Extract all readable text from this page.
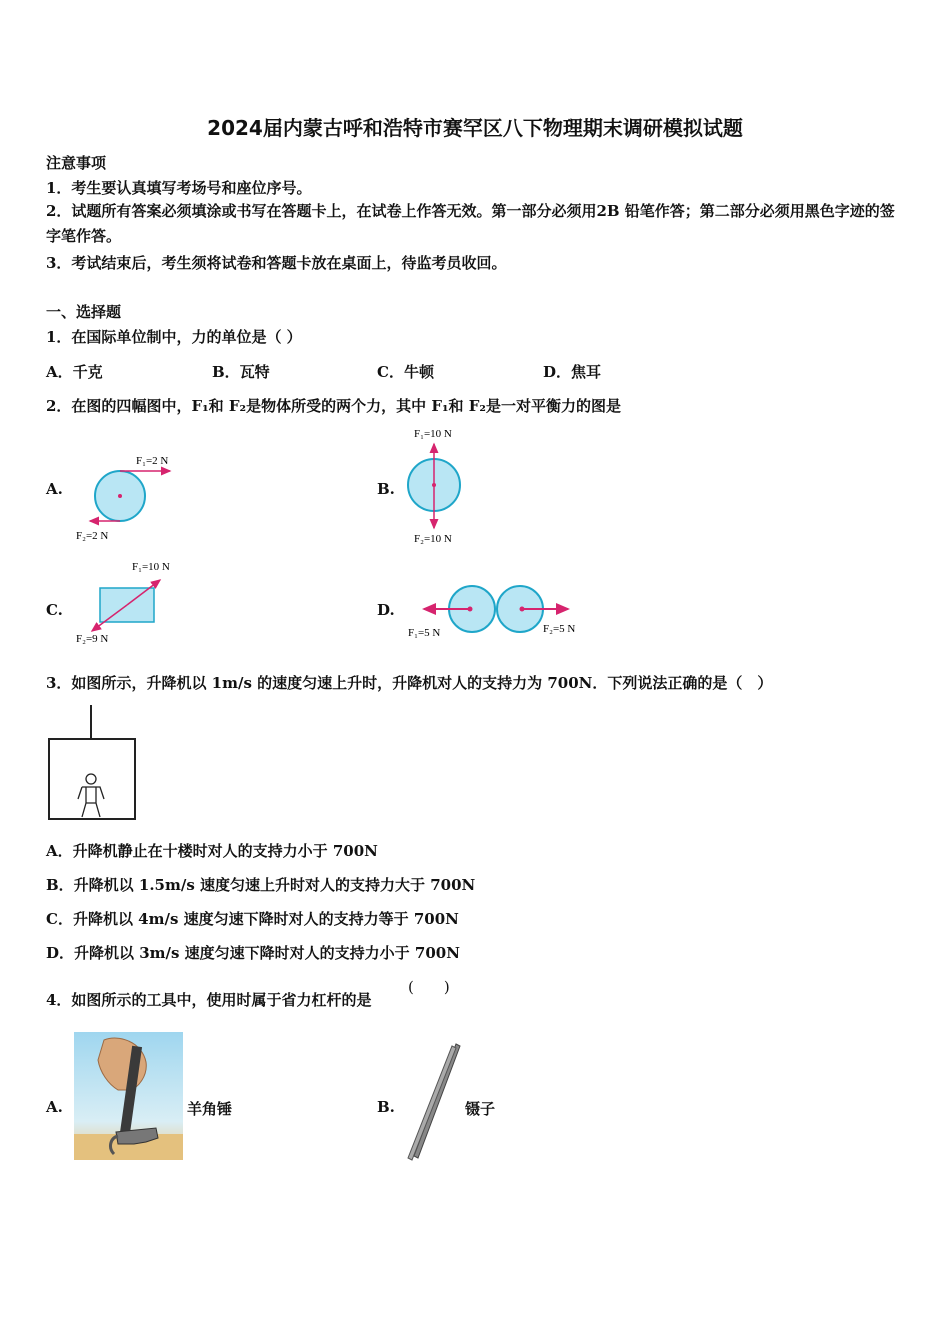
2024届内蒙古呼和浩特市赛罕区八下物理期末调研模拟试题
注意事项
1．考生要认真填写考场号和座位序号。
2．试题所有答案必须填涂或书写在答题卡上，在试卷上作答无效。第一部分必须用2B 铅笔作答；第二部分必须用黑色字迹的签字笔作答。
3．考试结束后，考生须将试卷和答题卡放在桌面上，待监考员收回。
一、选择题
1．在国际单位制中，力的单位是（ ）
A．千克	B．瓦特	C．牛顿	D．焦耳
2．在图的四幅图中，F₁和 F₂是物体所受的两个力，其中 F₁和 F₂是一对平衡力的图是
A.
F₁=2 N
F₂=2 N
B.
F₁=10 N
F₂=10 N
C.
F₁=10 N
F₂=9 N
D.
F₁=5 N	F₂=5 N
3．如图所示，升降机以 1m/s 的速度匀速上升时，升降机对人的支持力为 700N．下列说法正确的是（　）
A．升降机静止在十楼时对人的支持力小于 700N
B．升降机以 1.5m/s 速度匀速上升时对人的支持力大于 700N
C．升降机以 4m/s 速度匀速下降时对人的支持力等于 700N
D．升降机以 3m/s 速度匀速下降时对人的支持力小于 700N
4．如图所示的工具中，使用时属于省力杠杆的是
(　　)
A.	羊角锤	B.	镊子
